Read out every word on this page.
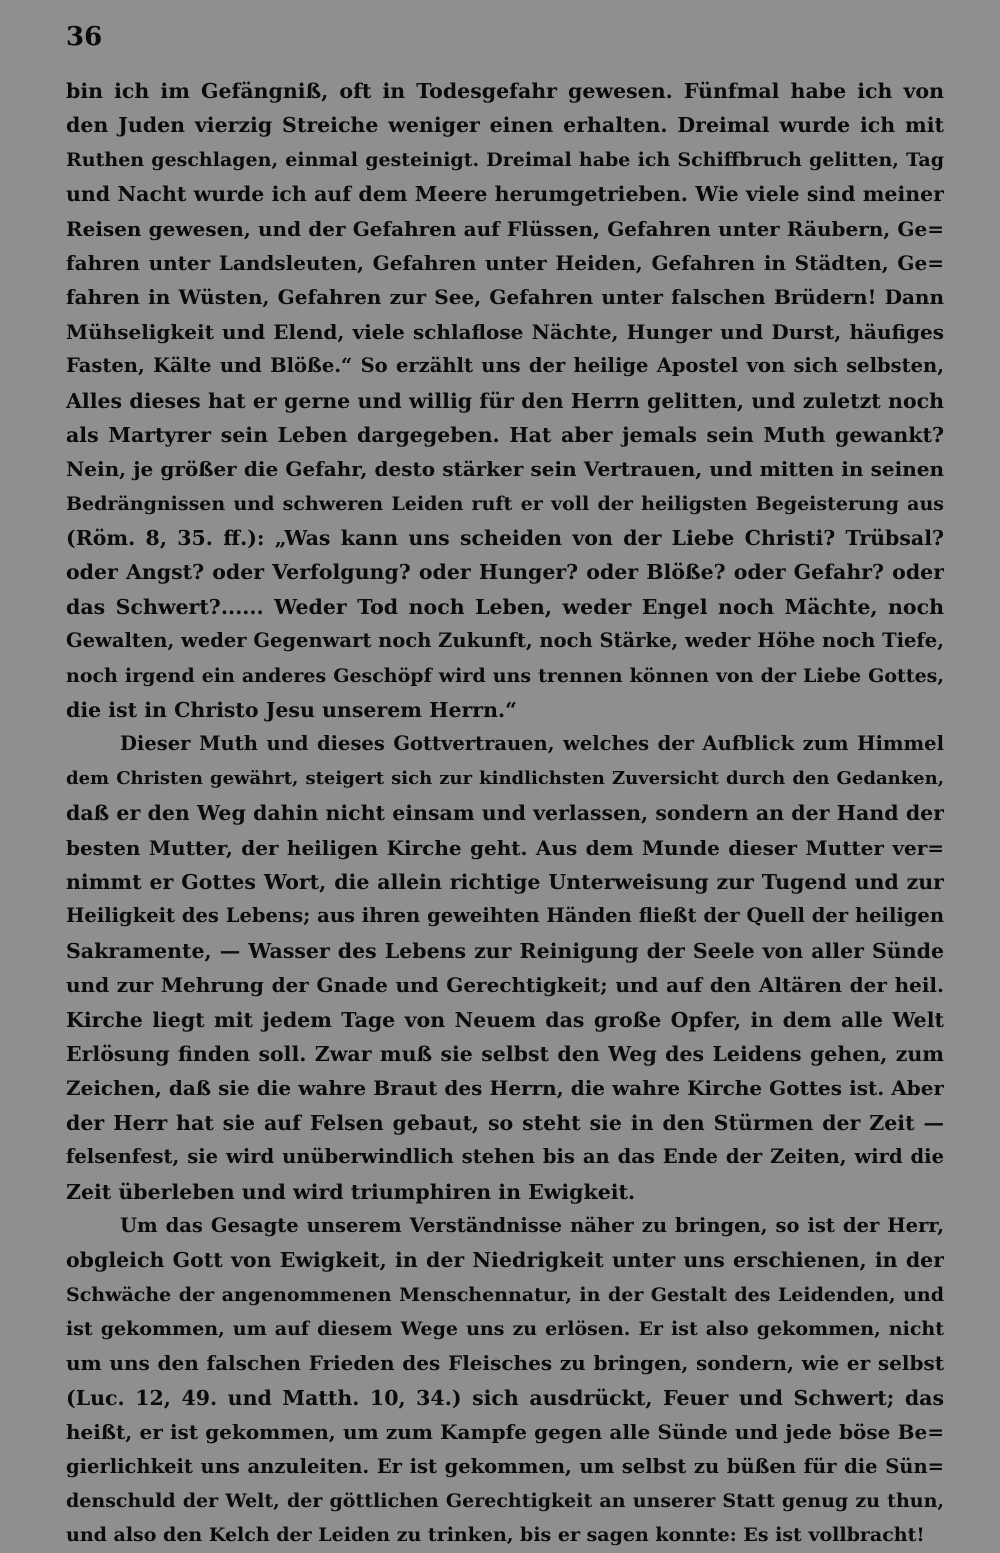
36
bin ich im Gefängniß, oft in Todesgefahr gewesen. Fünfmal habe ich von
den Juden vierzig Streiche weniger einen erhalten. Dreimal wurde ich mit
Ruthen geschlagen, einmal gesteinigt. Dreimal habe ich Schiffbruch gelitten, Tag
und Nacht wurde ich auf dem Meere herumgetrieben. Wie viele sind meiner
Reisen gewesen, und der Gefahren auf Flüssen, Gefahren unter Räubern, Ge=
fahren unter Landsleuten, Gefahren unter Heiden, Gefahren in Städten, Ge=
fahren in Wüsten, Gefahren zur See, Gefahren unter falschen Brüdern! Dann
Mühseligkeit und Elend, viele schlaflose Nächte, Hunger und Durst, häufiges
Fasten, Kälte und Blöße.“ So erzählt uns der heilige Apostel von sich selbsten,
Alles dieses hat er gerne und willig für den Herrn gelitten, und zuletzt noch
als Martyrer sein Leben dargegeben. Hat aber jemals sein Muth gewankt?
Nein, je größer die Gefahr, desto stärker sein Vertrauen, und mitten in seinen
Bedrängnissen und schweren Leiden ruft er voll der heiligsten Begeisterung aus
(Röm. 8, 35. ff.): „Was kann uns scheiden von der Liebe Christi? Trübsal?
oder Angst? oder Verfolgung? oder Hunger? oder Blöße? oder Gefahr? oder
das Schwert?...... Weder Tod noch Leben, weder Engel noch Mächte, noch
Gewalten, weder Gegenwart noch Zukunft, noch Stärke, weder Höhe noch Tiefe,
noch irgend ein anderes Geschöpf wird uns trennen können von der Liebe Gottes,
die ist in Christo Jesu unserem Herrn.“
Dieser Muth und dieses Gottvertrauen, welches der Aufblick zum Himmel
dem Christen gewährt, steigert sich zur kindlichsten Zuversicht durch den Gedanken,
daß er den Weg dahin nicht einsam und verlassen, sondern an der Hand der
besten Mutter, der heiligen Kirche geht. Aus dem Munde dieser Mutter ver=
nimmt er Gottes Wort, die allein richtige Unterweisung zur Tugend und zur
Heiligkeit des Lebens; aus ihren geweihten Händen fließt der Quell der heiligen
Sakramente, — Wasser des Lebens zur Reinigung der Seele von aller Sünde
und zur Mehrung der Gnade und Gerechtigkeit; und auf den Altären der heil.
Kirche liegt mit jedem Tage von Neuem das große Opfer, in dem alle Welt
Erlösung finden soll. Zwar muß sie selbst den Weg des Leidens gehen, zum
Zeichen, daß sie die wahre Braut des Herrn, die wahre Kirche Gottes ist. Aber
der Herr hat sie auf Felsen gebaut, so steht sie in den Stürmen der Zeit —
felsenfest, sie wird unüberwindlich stehen bis an das Ende der Zeiten, wird die
Zeit überleben und wird triumphiren in Ewigkeit.
Um das Gesagte unserem Verständnisse näher zu bringen, so ist der Herr,
obgleich Gott von Ewigkeit, in der Niedrigkeit unter uns erschienen, in der
Schwäche der angenommenen Menschennatur, in der Gestalt des Leidenden, und
ist gekommen, um auf diesem Wege uns zu erlösen. Er ist also gekommen, nicht
um uns den falschen Frieden des Fleisches zu bringen, sondern, wie er selbst
(Luc. 12, 49. und Matth. 10, 34.) sich ausdrückt, Feuer und Schwert; das
heißt, er ist gekommen, um zum Kampfe gegen alle Sünde und jede böse Be=
gierlichkeit uns anzuleiten. Er ist gekommen, um selbst zu büßen für die Sün=
denschuld der Welt, der göttlichen Gerechtigkeit an unserer Statt genug zu thun,
und also den Kelch der Leiden zu trinken, bis er sagen konnte: Es ist vollbracht!
